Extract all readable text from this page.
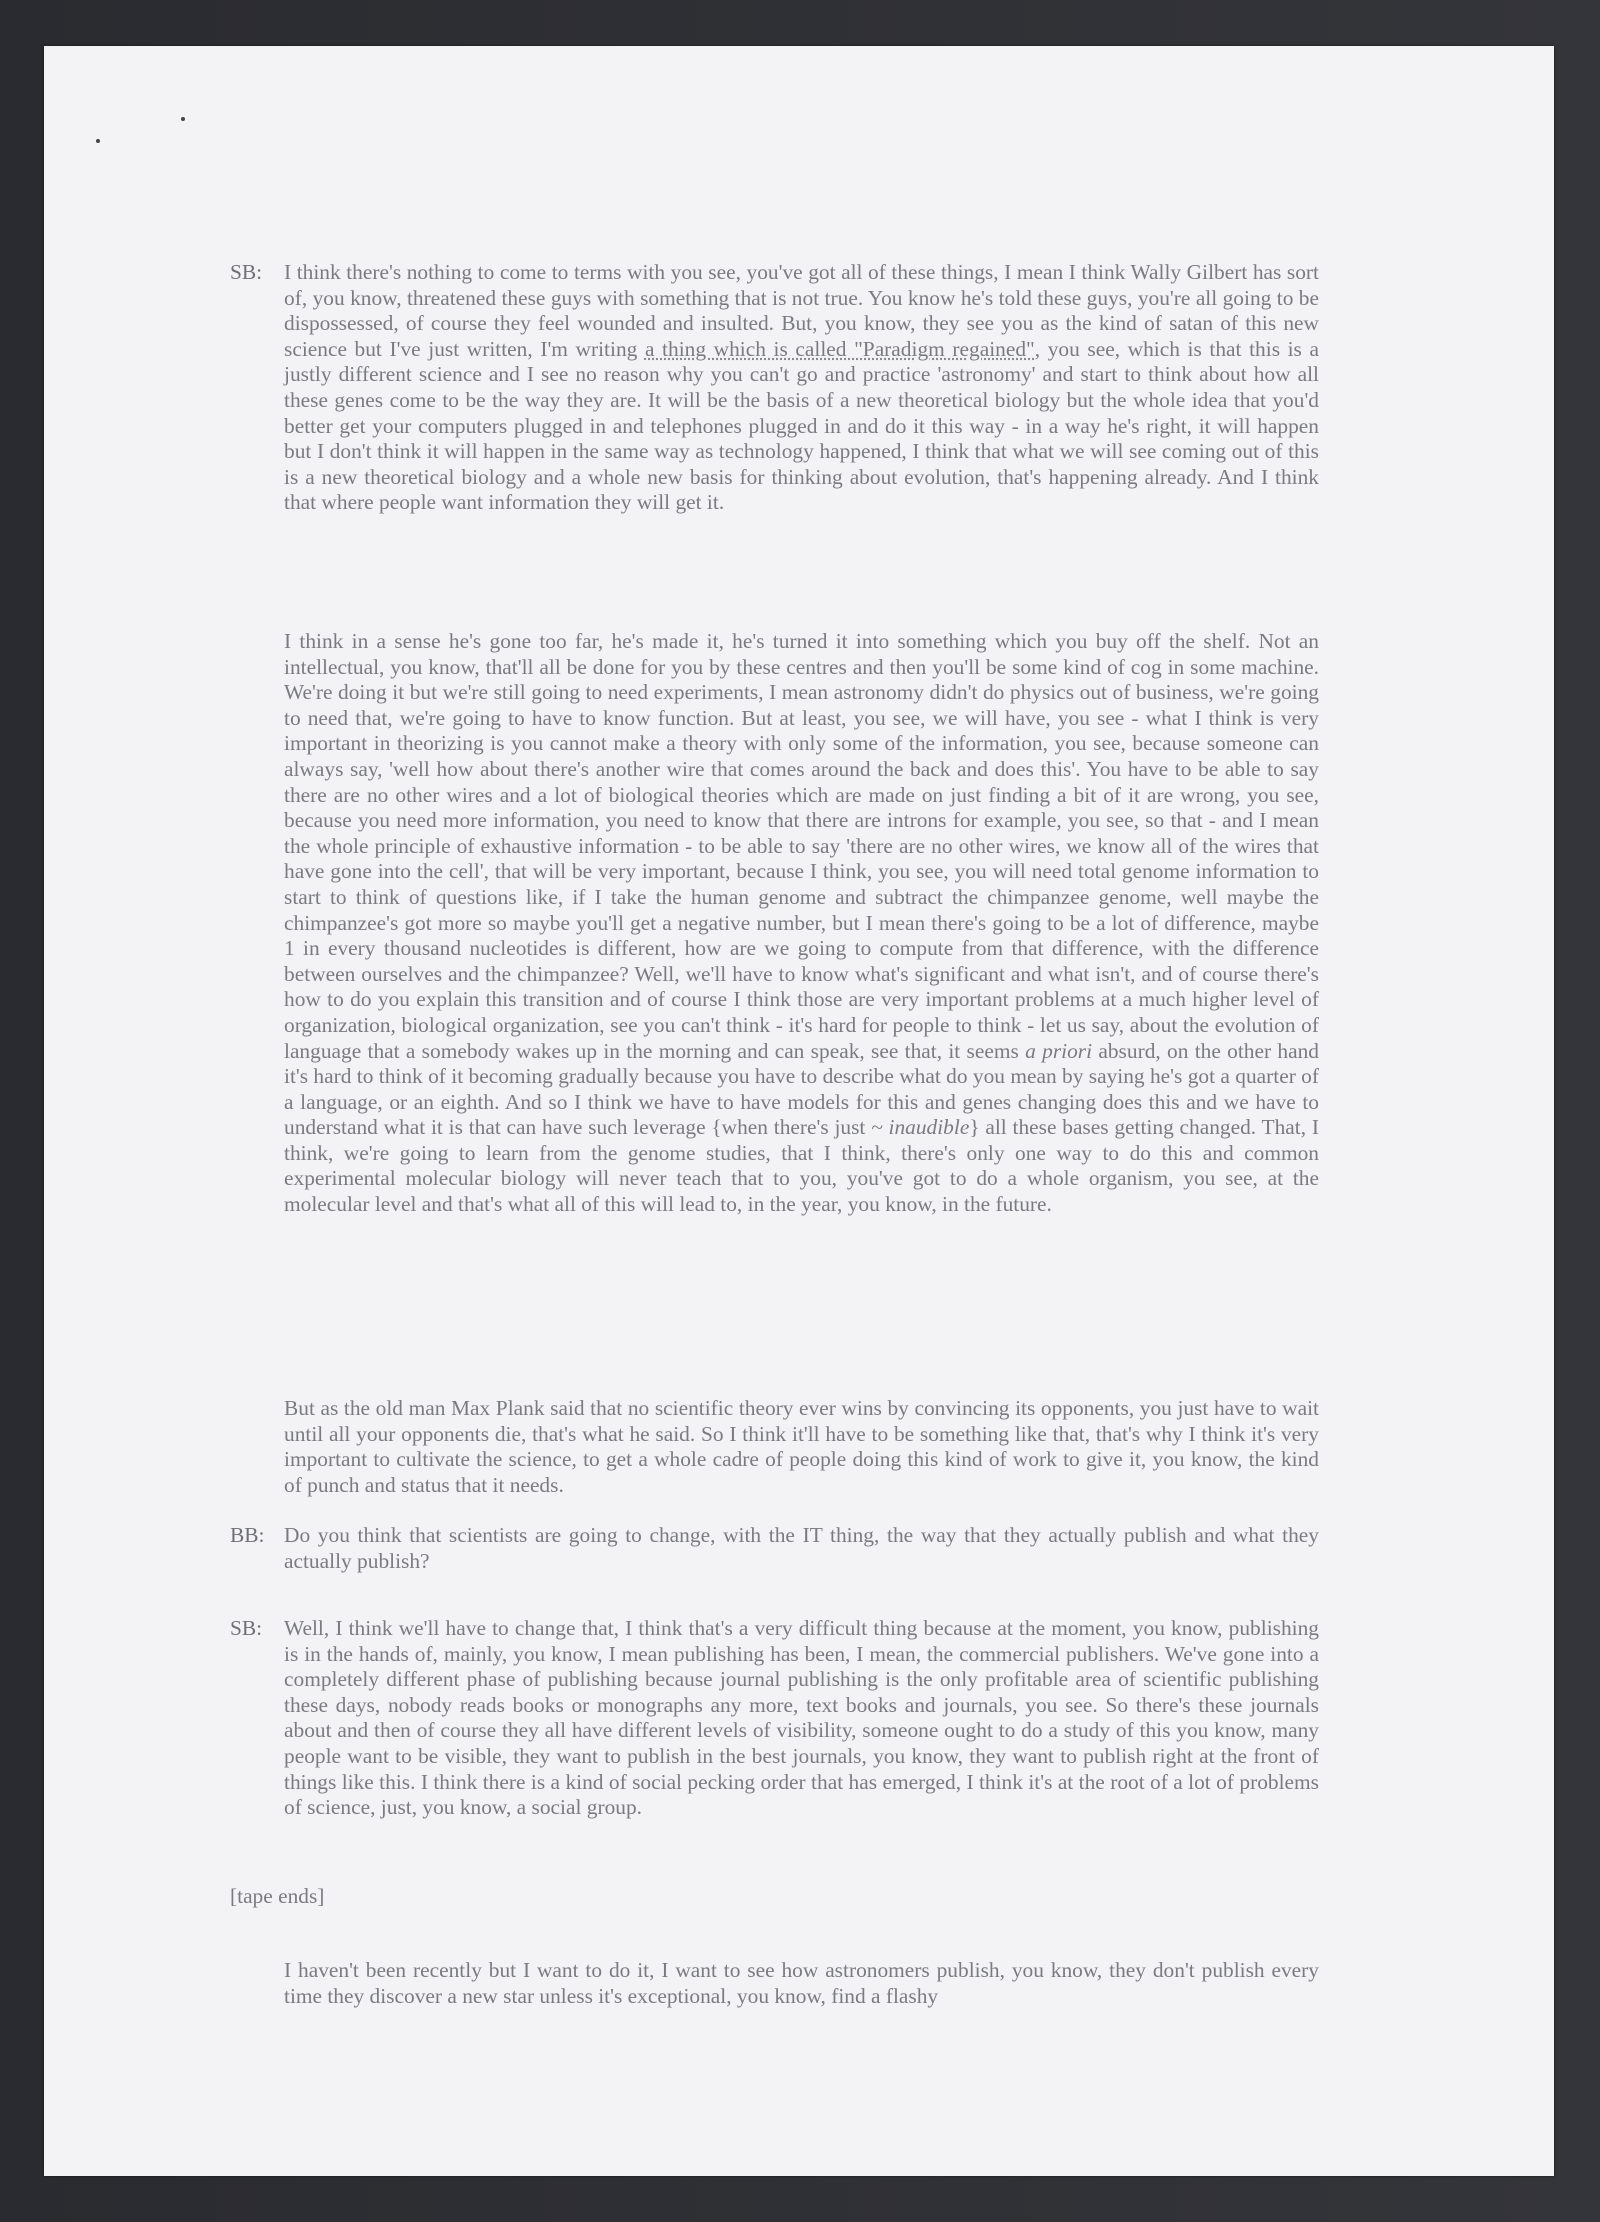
SB: I think there's nothing to come to terms with you see, you've got all of these things, I mean I think Wally Gilbert has sort of, you know, threatened these guys with something that is not true. You know he's told these guys, you're all going to be dispossessed, of course they feel wounded and insulted. But, you know, they see you as the kind of satan of this new science but I've just written, I'm writing a thing which is called "Paradigm regained", you see, which is that this is a justly different science and I see no reason why you can't go and practice 'astronomy' and start to think about how all these genes come to be the way they are. It will be the basis of a new theoretical biology but the whole idea that you'd better get your computers plugged in and telephones plugged in and do it this way - in a way he's right, it will happen but I don't think it will happen in the same way as technology happened, I think that what we will see coming out of this is a new theoretical biology and a whole new basis for thinking about evolution, that's happening already. And I think that where people want information they will get it.
I think in a sense he's gone too far, he's made it, he's turned it into something which you buy off the shelf. Not an intellectual, you know, that'll all be done for you by these centres and then you'll be some kind of cog in some machine. We're doing it but we're still going to need experiments, I mean astronomy didn't do physics out of business, we're going to need that, we're going to have to know function. But at least, you see, we will have, you see - what I think is very important in theorizing is you cannot make a theory with only some of the information, you see, because someone can always say, 'well how about there's another wire that comes around the back and does this'. You have to be able to say there are no other wires and a lot of biological theories which are made on just finding a bit of it are wrong, you see, because you need more information, you need to know that there are introns for example, you see, so that - and I mean the whole principle of exhaustive information - to be able to say 'there are no other wires, we know all of the wires that have gone into the cell', that will be very important, because I think, you see, you will need total genome information to start to think of questions like, if I take the human genome and subtract the chimpanzee genome, well maybe the chimpanzee's got more so maybe you'll get a negative number, but I mean there's going to be a lot of difference, maybe 1 in every thousand nucleotides is different, how are we going to compute from that difference, with the difference between ourselves and the chimpanzee? Well, we'll have to know what's significant and what isn't, and of course there's how to do you explain this transition and of course I think those are very important problems at a much higher level of organization, biological organization, see you can't think - it's hard for people to think - let us say, about the evolution of language that a somebody wakes up in the morning and can speak, see that, it seems a priori absurd, on the other hand it's hard to think of it becoming gradually because you have to describe what do you mean by saying he's got a quarter of a language, or an eighth. And so I think we have to have models for this and genes changing does this and we have to understand what it is that can have such leverage {when there's just ~ inaudible} all these bases getting changed. That, I think, we're going to learn from the genome studies, that I think, there's only one way to do this and common experimental molecular biology will never teach that to you, you've got to do a whole organism, you see, at the molecular level and that's what all of this will lead to, in the year, you know, in the future.
But as the old man Max Plank said that no scientific theory ever wins by convincing its opponents, you just have to wait until all your opponents die, that's what he said. So I think it'll have to be something like that, that's why I think it's very important to cultivate the science, to get a whole cadre of people doing this kind of work to give it, you know, the kind of punch and status that it needs.
BB: Do you think that scientists are going to change, with the IT thing, the way that they actually publish and what they actually publish?
SB: Well, I think we'll have to change that, I think that's a very difficult thing because at the moment, you know, publishing is in the hands of, mainly, you know, I mean publishing has been, I mean, the commercial publishers. We've gone into a completely different phase of publishing because journal publishing is the only profitable area of scientific publishing these days, nobody reads books or monographs any more, text books and journals, you see. So there's these journals about and then of course they all have different levels of visibility, someone ought to do a study of this you know, many people want to be visible, they want to publish in the best journals, you know, they want to publish right at the front of things like this. I think there is a kind of social pecking order that has emerged, I think it's at the root of a lot of problems of science, just, you know, a social group.
[tape ends]
I haven't been recently but I want to do it, I want to see how astronomers publish, you know, they don't publish every time they discover a new star unless it's exceptional, you know, find a flashy
